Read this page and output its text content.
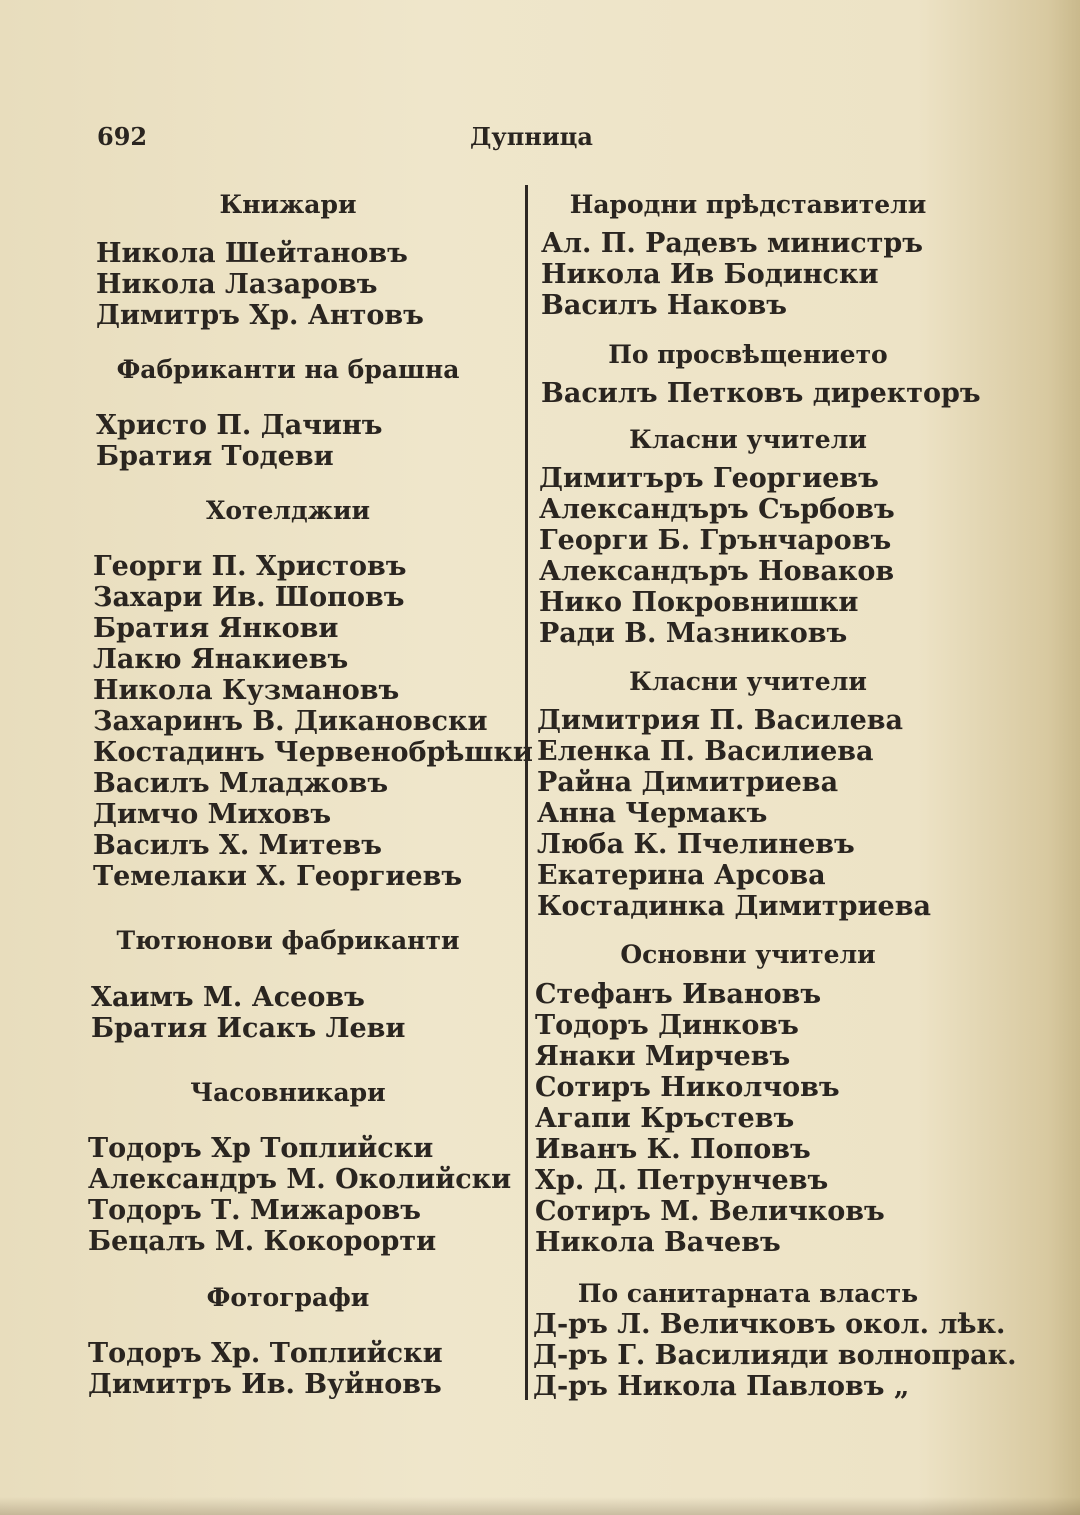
692	Дупница
Книжари
Никола Шейтановъ
Никола Лазаровъ
Димитръ Хр. Антовъ
Фабриканти на брашна
Христо П. Дачинъ
Братия Тодеви
Хотелджии
Георги П. Христовъ
Захари Ив. Шоповъ
Братия Янкови
Лакю Янакиевъ
Никола Кузмановъ
Захаринъ В. Дикановски
Костадинъ Червенобрѣшки
Василъ Младжовъ
Димчо Миховъ
Василъ Х. Митевъ
Темелаки Х. Георгиевъ
Тютюнови фабриканти
Хаимъ М. Асеовъ
Братия Исакъ Леви
Часовникари
Тодоръ Хр Топлийски
Александръ М. Околийски
Тодоръ Т. Мижаровъ
Бецалъ М. Кокорорти
Фотографи
Тодоръ Хр. Топлийски
Димитръ Ив. Вуйновъ
Народни прѣдставители
Ал. П. Радевъ министръ
Никола Ив Бодински
Василъ Наковъ
По просвѣщението
Василъ Петковъ директоръ
Класни учители
Димитъръ Георгиевъ
Александъръ Сърбовъ
Георги Б. Грънчаровъ
Александъръ Новаков
Нико Покровнишки
Ради В. Мазниковъ
Класни учители
Димитрия П. Василева
Еленка П. Василиева
Райна Димитриева
Анна Чермакъ
Люба К. Пчелиневъ
Екатерина Арсова
Костадинка Димитриева
Основни учители
Стефанъ Ивановъ
Тодоръ Динковъ
Янаки Мирчевъ
Сотиръ Николчовъ
Агапи Кръстевъ
Иванъ К. Поповъ
Хр. Д. Петрунчевъ
Сотиръ М. Величковъ
Никола Вачевъ
По санитарната власть
Д-ръ Л. Величковъ окол. лѣк.
Д-ръ Г. Василияди волнопрак.
Д-ръ Никола Павловъ „
